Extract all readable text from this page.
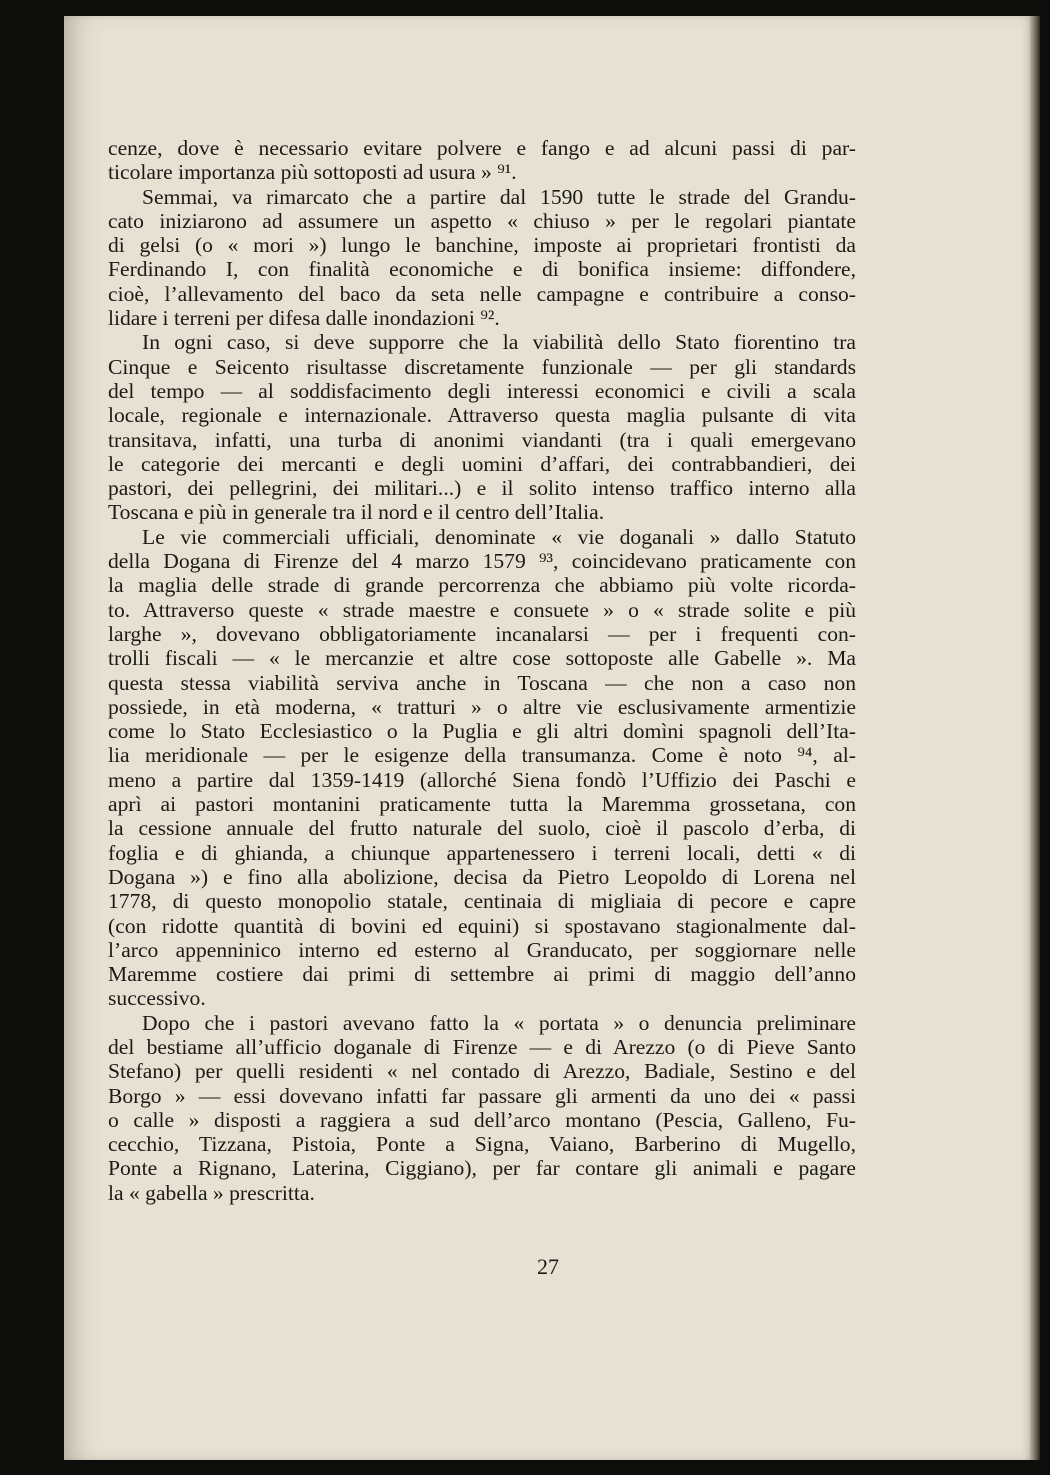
cenze, dove è necessario evitare polvere e fango e ad alcuni passi di par-
ticolare importanza più sottoposti ad usura » ⁹¹.
Semmai, va rimarcato che a partire dal 1590 tutte le strade del Grandu-
cato iniziarono ad assumere un aspetto « chiuso » per le regolari piantate
di gelsi (o « mori ») lungo le banchine, imposte ai proprietari frontisti da
Ferdinando I, con finalità economiche e di bonifica insieme: diffondere,
cioè, l’allevamento del baco da seta nelle campagne e contribuire a conso-
lidare i terreni per difesa dalle inondazioni ⁹².
In ogni caso, si deve supporre che la viabilità dello Stato fiorentino tra
Cinque e Seicento risultasse discretamente funzionale — per gli standards
del tempo — al soddisfacimento degli interessi economici e civili a scala
locale, regionale e internazionale. Attraverso questa maglia pulsante di vita
transitava, infatti, una turba di anonimi viandanti (tra i quali emergevano
le categorie dei mercanti e degli uomini d’affari, dei contrabbandieri, dei
pastori, dei pellegrini, dei militari...) e il solito intenso traffico interno alla
Toscana e più in generale tra il nord e il centro dell’Italia.
Le vie commerciali ufficiali, denominate « vie doganali » dallo Statuto
della Dogana di Firenze del 4 marzo 1579 ⁹³, coincidevano praticamente con
la maglia delle strade di grande percorrenza che abbiamo più volte ricorda-
to. Attraverso queste « strade maestre e consuete » o « strade solite e più
larghe », dovevano obbligatoriamente incanalarsi — per i frequenti con-
trolli fiscali — « le mercanzie et altre cose sottoposte alle Gabelle ». Ma
questa stessa viabilità serviva anche in Toscana — che non a caso non
possiede, in età moderna, « tratturi » o altre vie esclusivamente armentizie
come lo Stato Ecclesiastico o la Puglia e gli altri domìni spagnoli dell’Ita-
lia meridionale — per le esigenze della transumanza. Come è noto ⁹⁴, al-
meno a partire dal 1359-1419 (allorché Siena fondò l’Uffizio dei Paschi e
aprì ai pastori montanini praticamente tutta la Maremma grossetana, con
la cessione annuale del frutto naturale del suolo, cioè il pascolo d’erba, di
foglia e di ghianda, a chiunque appartenessero i terreni locali, detti « di
Dogana ») e fino alla abolizione, decisa da Pietro Leopoldo di Lorena nel
1778, di questo monopolio statale, centinaia di migliaia di pecore e capre
(con ridotte quantità di bovini ed equini) si spostavano stagionalmente dal-
l’arco appenninico interno ed esterno al Granducato, per soggiornare nelle
Maremme costiere dai primi di settembre ai primi di maggio dell’anno
successivo.
Dopo che i pastori avevano fatto la « portata » o denuncia preliminare
del bestiame all’ufficio doganale di Firenze — e di Arezzo (o di Pieve Santo
Stefano) per quelli residenti « nel contado di Arezzo, Badiale, Sestino e del
Borgo » — essi dovevano infatti far passare gli armenti da uno dei « passi
o calle » disposti a raggiera a sud dell’arco montano (Pescia, Galleno, Fu-
cecchio, Tizzana, Pistoia, Ponte a Signa, Vaiano, Barberino di Mugello,
Ponte a Rignano, Laterina, Ciggiano), per far contare gli animali e pagare
la « gabella » prescritta.
27
